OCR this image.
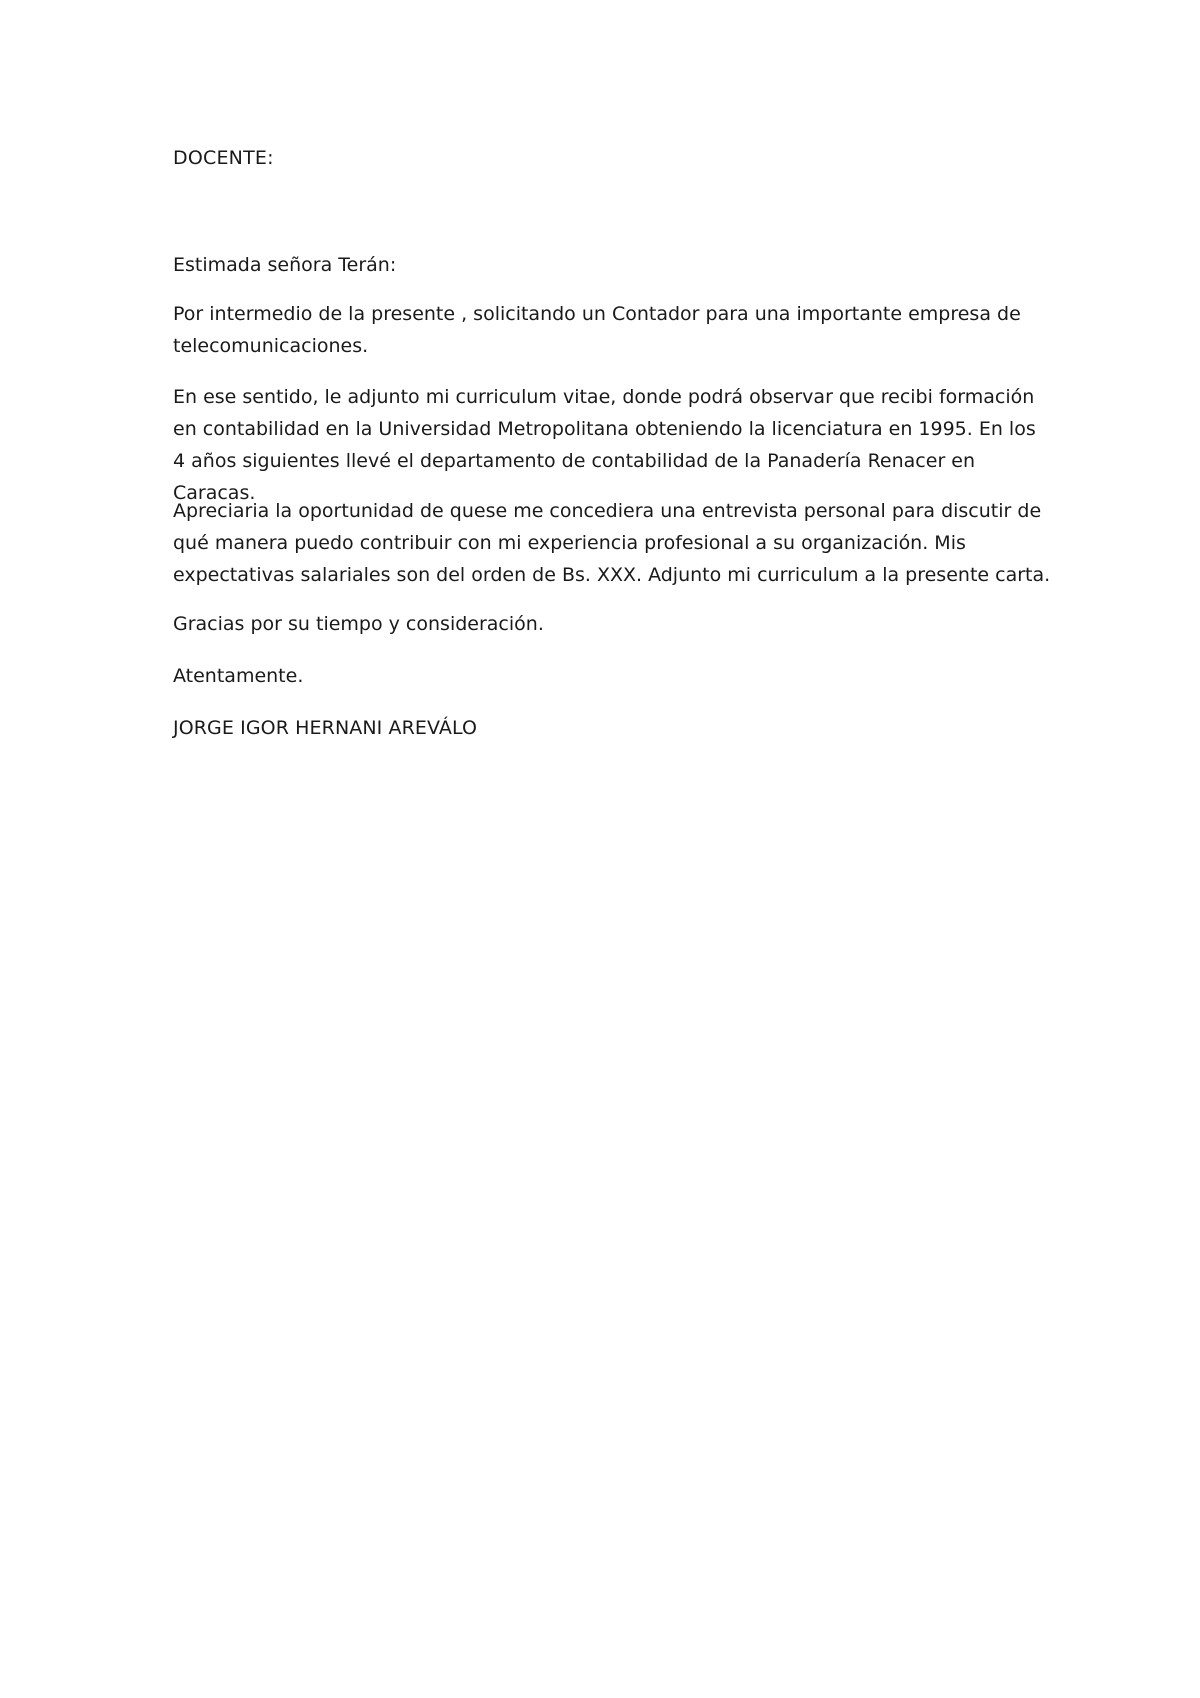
DOCENTE:

Estimada señora Terán:

Por intermedio de la presente , solicitando un Contador para una importante empresa de telecomunicaciones.

En ese sentido, le adjunto mi curriculum vitae, donde podrá observar que recibi formación en contabilidad en la Universidad Metropolitana obteniendo la licenciatura en 1995. En los 4 años siguientes llevé el departamento de contabilidad de la Panadería Renacer en Caracas.

Apreciaria la oportunidad de quese me concediera una entrevista personal para discutir de qué manera puedo contribuir con mi experiencia profesional a su organización. Mis expectativas salariales son del orden de Bs. XXX. Adjunto mi curriculum a la presente carta.

Gracias por su tiempo y consideración.

Atentamente.

JORGE IGOR HERNANI AREVÁLO
